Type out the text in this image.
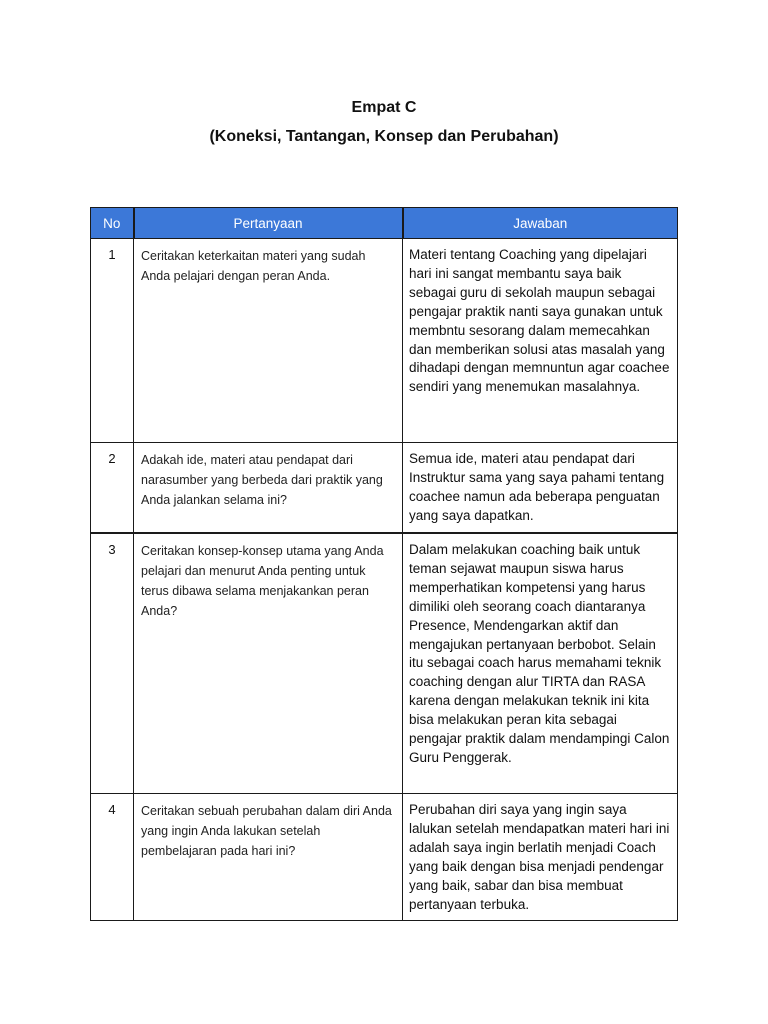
Empat C
(Koneksi, Tantangan, Konsep dan Perubahan)
No	Pertanyaan	Jawaban
1	Ceritakan keterkaitan materi yang sudah Anda pelajari dengan peran Anda.	Materi tentang Coaching yang dipelajari hari ini sangat membantu saya baik sebagai guru di sekolah maupun sebagai pengajar praktik nanti saya gunakan untuk membntu sesorang dalam memecahkan dan memberikan solusi atas masalah yang dihadapi dengan memnuntun agar coachee sendiri yang menemukan masalahnya.
2	Adakah ide, materi atau pendapat dari narasumber yang berbeda dari praktik yang Anda jalankan selama ini?	Semua ide, materi atau pendapat dari Instruktur sama yang saya pahami tentang coachee namun ada beberapa penguatan yang saya dapatkan.
3	Ceritakan konsep-konsep utama yang Anda pelajari dan menurut Anda penting untuk terus dibawa selama menjakankan peran Anda?	Dalam melakukan coaching baik untuk teman sejawat maupun siswa harus memperhatikan kompetensi yang harus dimiliki oleh seorang coach diantaranya Presence, Mendengarkan aktif dan mengajukan pertanyaan berbobot. Selain itu sebagai coach harus memahami teknik coaching dengan alur TIRTA dan RASA karena dengan melakukan teknik ini kita bisa melakukan peran kita sebagai pengajar praktik dalam mendampingi Calon Guru Penggerak.
4	Ceritakan sebuah perubahan dalam diri Anda yang ingin Anda lakukan setelah pembelajaran pada hari ini?	Perubahan diri saya yang ingin saya lalukan setelah mendapatkan materi hari ini adalah saya ingin berlatih menjadi Coach yang baik dengan bisa menjadi pendengar yang baik, sabar dan bisa membuat pertanyaan terbuka.
